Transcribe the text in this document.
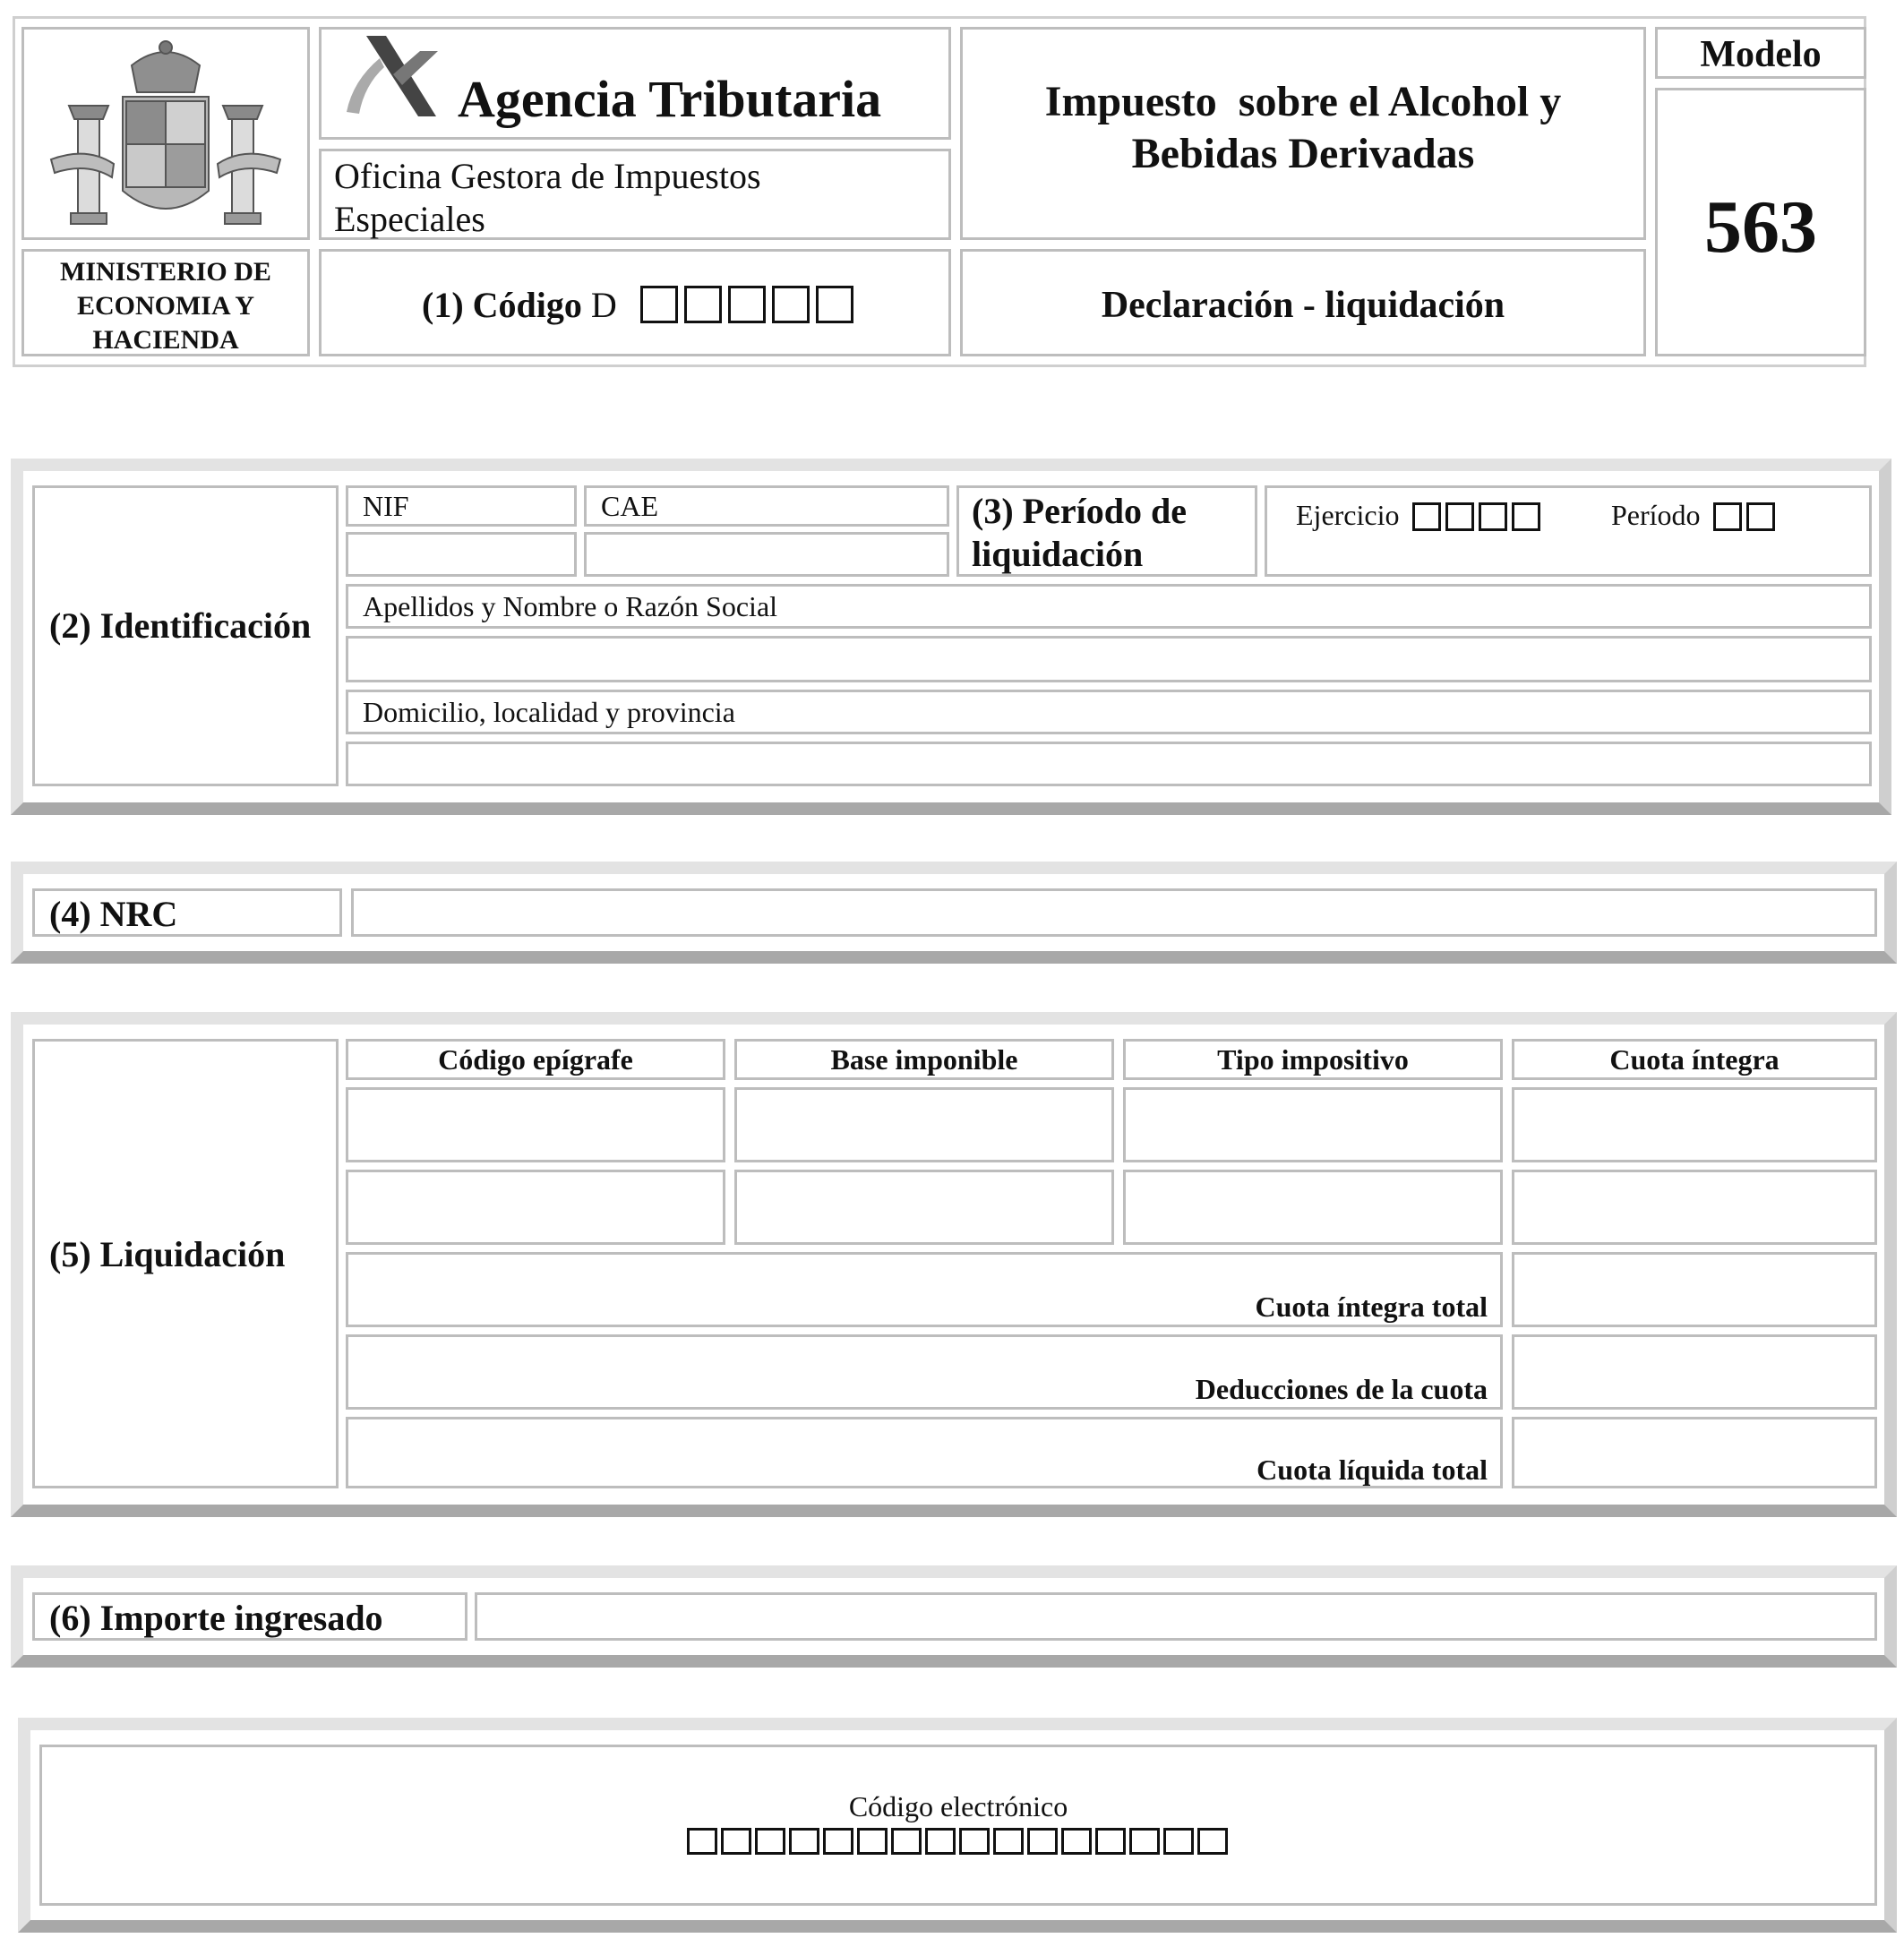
MINISTERIO DE ECONOMIA Y HACIENDA
Agencia Tributaria
Oficina Gestora de Impuestos Especiales
(1) Código D
Impuesto  sobre el Alcohol y Bebidas Derivadas
Declaración - liquidación
Modelo
563
(2) Identificación
NIF	CAE	(3) Período de liquidación
Ejercicio	Período
Apellidos y Nombre o Razón Social
Domicilio, localidad y provincia
(4) NRC
(5) Liquidación
Código epígrafe	Base imponible	Tipo impositivo	Cuota íntegra
Cuota íntegra total
Deducciones de la cuota
Cuota líquida total
(6) Importe ingresado
Código electrónico
